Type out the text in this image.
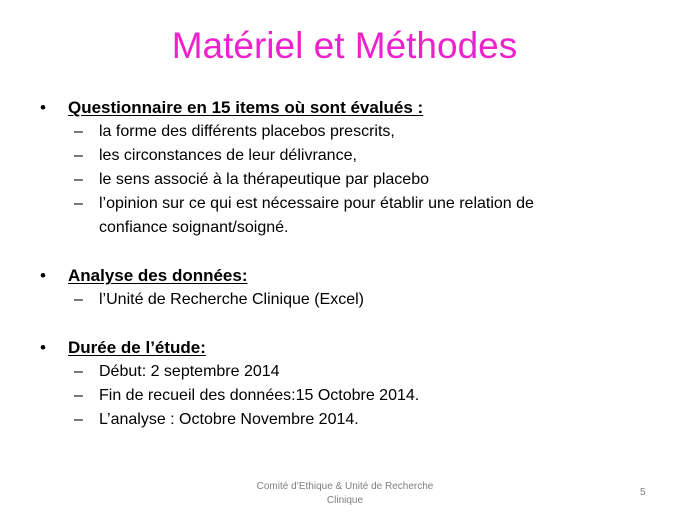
Matériel et Méthodes
• Questionnaire en 15 items où sont évalués :
– la forme des différents placebos prescrits,
– les circonstances de leur délivrance,
– le sens associé à la thérapeutique par placebo
– l’opinion sur ce qui est nécessaire pour établir une relation de confiance soignant/soigné.
• Analyse des données:
– l’Unité de Recherche Clinique (Excel)
• Durée de l’étude:
– Début: 2 septembre 2014
– Fin de recueil des données:15 Octobre 2014.
– L’analyse : Octobre Novembre 2014.
Comité d’Ethique & Unité de Recherche Clinique
5
